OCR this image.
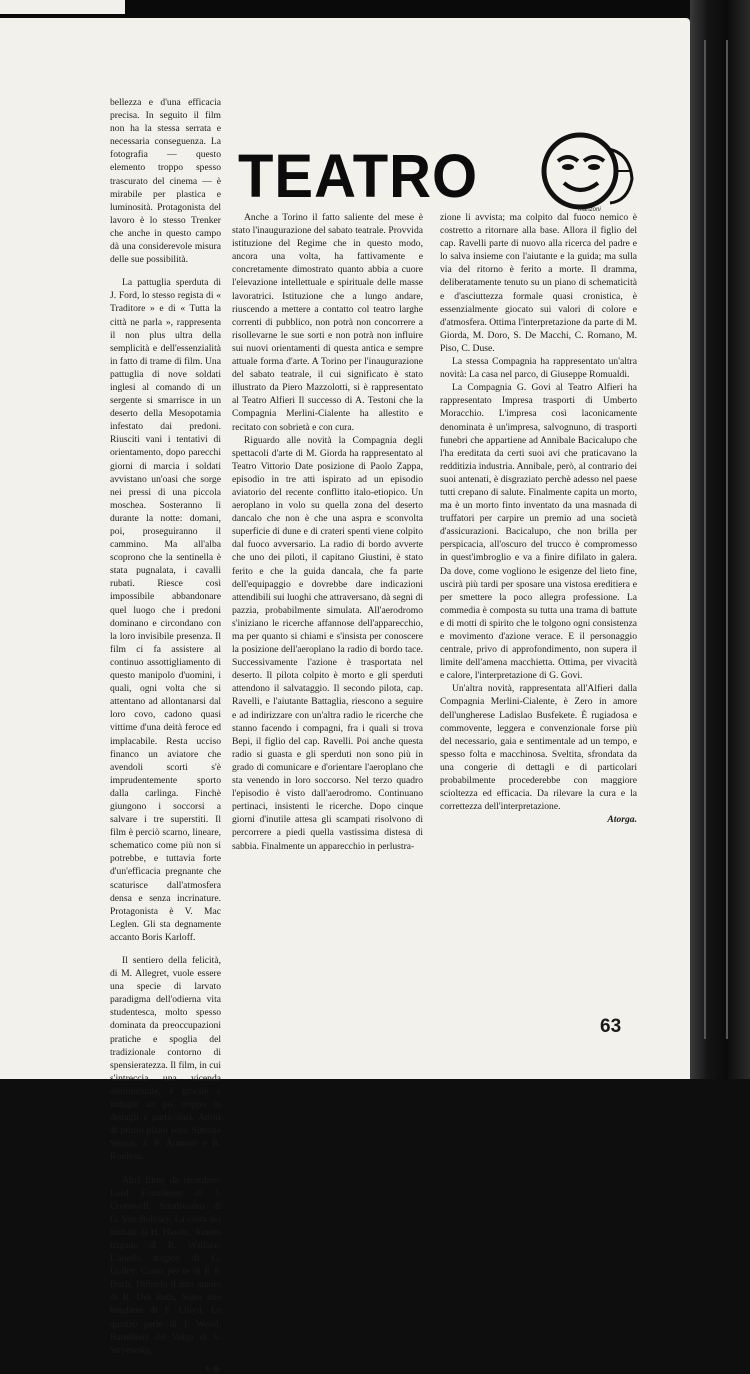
TEATRO	manzoni

bellezza e d'una efficacia precisa. In seguito il film non ha la stessa serrata e necessaria conseguenza. La fotografia — questo elemento troppo spesso trascurato del cinema — è mirabile per plastica e luminosità. Protagonista del lavoro è lo stesso Trenker che anche in questo campo dà una considerevole misura delle sue possibilità.

La pattuglia sperduta di J. Ford, lo stesso regista di « Traditore » e di « Tutta la città ne parla », rappresenta il non plus ultra della semplicità e dell'essenzialità in fatto di trame di film. Una pattuglia di nove soldati inglesi al comando di un sergente si smarrisce in un deserto della Mesopotamia infestato dai predoni. Riusciti vani i tentativi di orientamento, dopo parecchi giorni di marcia i soldati avvistano un'oasi che sorge nei pressi di una piccola moschea. Sosteranno lì durante la notte: domani, poi, proseguiranno il cammino. Ma all'alba scoprono che la sentinella è stata pugnalata, i cavalli rubati. Riesce così impossibile abbandonare quel luogo che i predoni dominano e circondano con la loro invisibile presenza. Il film ci fa assistere al continuo assottigliamento di questo manipolo d'uomini, i quali, ogni volta che si attentano ad allontanarsi dal loro covo, cadono quasi vittime d'una deità feroce ed implacabile. Resta ucciso financo un aviatore che avendoli scorti s'è imprudentemente sporto dalla carlinga. Finchè giungono i soccorsi a salvare i tre superstiti. Il film è perciò scarno, lineare, schematico come più non si potrebbe, e tuttavia forte d'un'efficacia pregnante che scaturisce dall'atmosfera densa e senza incrinature. Protagonista è V. Mac Leglen. Gli sta degnamente accanto Boris Karloff.

Il sentiero della felicità, di M. Allegret, vuole essere una specie di larvato paradigma dell'odierna vita studentesca, molto spesso dominata da preoccupazioni pratiche e spoglia del tradizionale contorno di spensieratezza. Il film, in cui s'intreccia una vicenda sentimentale, è gracile e indugia un po' troppo in dettagli e particolari. Attori di primo piano sono Simone Simon, J. P. Aumont e R. Rouleau.

Altri films da ricordare: Lord Fountleroy di J. Cromwell, Stradivarius di G. Von Bolvary, La costa dei barbari di H. Hawhs, Amore tzigano di R. Wallace, L'anello tragico di G. Ucilcy, Canto per te di F. P. Buch, Difendo il mio amore di R. Del Ruth, Sotto due bandiere di F. Lloyd, Le quattro perle di J. Wood, Battellieri del Volga di V. Stryewsky.

s. g.

Anche a Torino il fatto saliente del mese è stato l'inaugurazione del sabato teatrale. Provvida istituzione del Regime che in questo modo, ancora una volta, ha fattivamente e concretamente dimostrato quanto abbia a cuore l'elevazione intellettuale e spirituale delle masse lavoratrici. Istituzione che a lungo andare, riuscendo a mettere a contatto col teatro larghe correnti di pubblico, non potrà non concorrere a risollevarne le sue sorti e non potrà non influire sui nuovi orientamenti di questa antica e sempre attuale forma d'arte. A Torino per l'inaugurazione del sabato teatrale, il cui significato è stato illustrato da Piero Mazzolotti, si è rappresentato al Teatro Alfieri Il successo di A. Testoni che la Compagnia Merlini-Cialente ha allestito e recitato con sobrietà e con cura.

Riguardo alle novità la Compagnia degli spettacoli d'arte di M. Giorda ha rappresentato al Teatro Vittorio Date posizione di Paolo Zappa, episodio in tre atti ispirato ad un episodio aviatorio del recente conflitto italo-etiopico. Un aeroplano in volo su quella zona del deserto dancalo che non è che una aspra e sconvolta superficie di dune e di crateri spenti viene colpito dal fuoco avversario. La radio di bordo avverte che uno dei piloti, il capitano Giustini, è stato ferito e che la guida dancala, che fa parte dell'equipaggio e dovrebbe dare indicazioni attendibili sui luoghi che attraversano, dà segni di pazzia, probabilmente simulata. All'aerodromo s'iniziano le ricerche affannose dell'apparecchio, ma per quanto si chiami e s'insista per conoscere la posizione dell'aeroplano la radio di bordo tace. Successivamente l'azione è trasportata nel deserto. Il pilota colpito è morto e gli sperduti attendono il salvataggio. Il secondo pilota, cap. Ravelli, e l'aiutante Battaglia, riescono a seguire e ad indirizzare con un'altra radio le ricerche che stanno facendo i compagni, fra i quali si trova Bepi, il figlio del cap. Ravelli. Poi anche questa radio si guasta e gli sperduti non sono più in grado di comunicare e d'orientare l'aeroplano che sta venendo in loro soccorso. Nel terzo quadro l'episodio è visto dall'aerodromo. Continuano pertinaci, insistenti le ricerche. Dopo cinque giorni d'inutile attesa gli scampati risolvono di percorrere a piedi quella vastissima distesa di sabbia. Finalmente un apparecchio in perlustra-

zione li avvista; ma colpito dal fuoco nemico è costretto a ritornare alla base. Allora il figlio del cap. Ravelli parte di nuovo alla ricerca del padre e lo salva insieme con l'aiutante e la guida; ma sulla via del ritorno è ferito a morte. Il dramma, deliberatamente tenuto su un piano di schematicità e d'asciuttezza formale quasi cronistica, è essenzialmente giocato sui valori di colore e d'atmosfera. Ottima l'interpretazione da parte di M. Giorda, M. Doro, S. De Macchi, C. Romano, M. Piso, C. Duse.

La stessa Compagnia ha rappresentato un'altra novità: La casa nel parco, di Giuseppe Romualdi.

La Compagnia G. Govi al Teatro Alfieri ha rappresentato Impresa trasporti di Umberto Moracchio. L'impresa così laconicamente denominata è un'impresa, salvognuno, di trasporti funebri che appartiene ad Annibale Bacicalupo che l'ha ereditata da certi suoi avi che praticavano la redditizia industria. Annibale, però, al contrario dei suoi antenati, è disgraziato perchè adesso nel paese tutti crepano di salute. Finalmente capita un morto, ma è un morto finto inventato da una masnada di truffatori per carpire un premio ad una società d'assicurazioni. Bacicalupo, che non brilla per perspicacia, all'oscuro del trucco è compromesso in quest'imbroglio e va a finire difilato in galera. Da dove, come vogliono le esigenze del lieto fine, uscirà più tardi per sposare una vistosa ereditiera e per smettere la poco allegra professione. La commedia è composta su tutta una trama di battute e di motti di spirito che le tolgono ogni consistenza e movimento d'azione verace. E il personaggio centrale, privo di approfondimento, non supera il limite dell'amena macchietta. Ottima, per vivacità e calore, l'interpretazione di G. Govi.

Un'altra novità, rappresentata all'Alfieri dalla Compagnia Merlini-Cialente, è Zero in amore dell'ungherese Ladislao Busfekete. È rugiadosa e commovente, leggera e convenzionale forse più del necessario, gaia e sentimentale ad un tempo, e spesso folta e macchinosa. Sveltita, sfrondata da una congerie di dettagli e di particolari probabilmente procederebbe con maggiore scioltezza ed efficacia. Da rilevare la cura e la correttezza dell'interpretazione.

Atorga.

63
